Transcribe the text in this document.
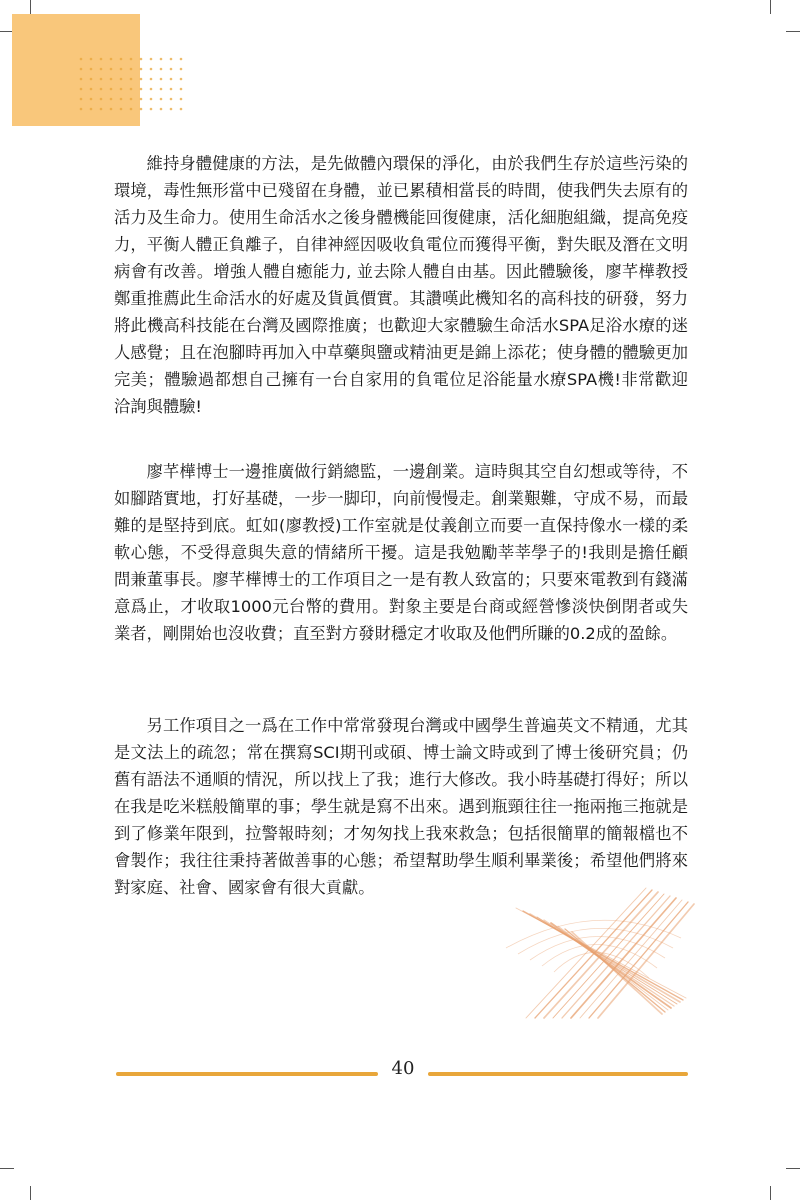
維持身體健康的方法，是先做體內環保的淨化，由於我們生存於這些污染的環境，毒性無形當中已殘留在身體，並已累積相當長的時間，使我們失去原有的活力及生命力。使用生命活水之後身體機能回復健康，活化細胞組織，提高免疫力，平衡人體正負離子，自律神經因吸收負電位而獲得平衡，對失眠及潛在文明病會有改善。增強人體自癒能力, 並去除人體自由基。因此體驗後，廖芊樺教授鄭重推薦此生命活水的好處及貨眞價實。其讚嘆此機知名的高科技的研發，努力將此機高科技能在台灣及國際推廣；也歡迎大家體驗生命活水SPA足浴水療的迷人感覺；且在泡腳時再加入中草藥與鹽或精油更是錦上添花；使身體的體驗更加完美；體驗過都想自己擁有一台自家用的負電位足浴能量水療SPA機!非常歡迎洽詢與體驗!

廖芊樺博士一邊推廣做行銷總監，一邊創業。這時與其空自幻想或等待，不如腳踏實地，打好基礎，一步一脚印，向前慢慢走。創業艱難，守成不易，而最難的是堅持到底。虹如(廖教授)工作室就是仗義創立而要一直保持像水一樣的柔軟心態，不受得意與失意的情緒所干擾。這是我勉勵莘莘學子的!我則是擔任顧問兼董事長。廖芊樺博士的工作項目之一是有教人致富的；只要來電教到有錢滿意爲止，才收取1000元台幣的費用。對象主要是台商或經營慘淡快倒閉者或失業者，剛開始也沒收費；直至對方發財穩定才收取及他們所賺的0.2成的盈餘。

另工作項目之一爲在工作中常常發現台灣或中國學生普遍英文不精通，尤其是文法上的疏忽；常在撰寫SCI期刊或碩、博士論文時或到了博士後研究員；仍舊有語法不通順的情況，所以找上了我；進行大修改。我小時基礎打得好；所以在我是吃米糕般簡單的事；學生就是寫不出來。遇到瓶頸往往一拖兩拖三拖就是到了修業年限到，拉警報時刻；才匆匆找上我來救急；包括很簡單的簡報檔也不會製作；我往往秉持著做善事的心態；希望幫助學生順利畢業後；希望他們將來對家庭、社會、國家會有很大貢獻。

40
